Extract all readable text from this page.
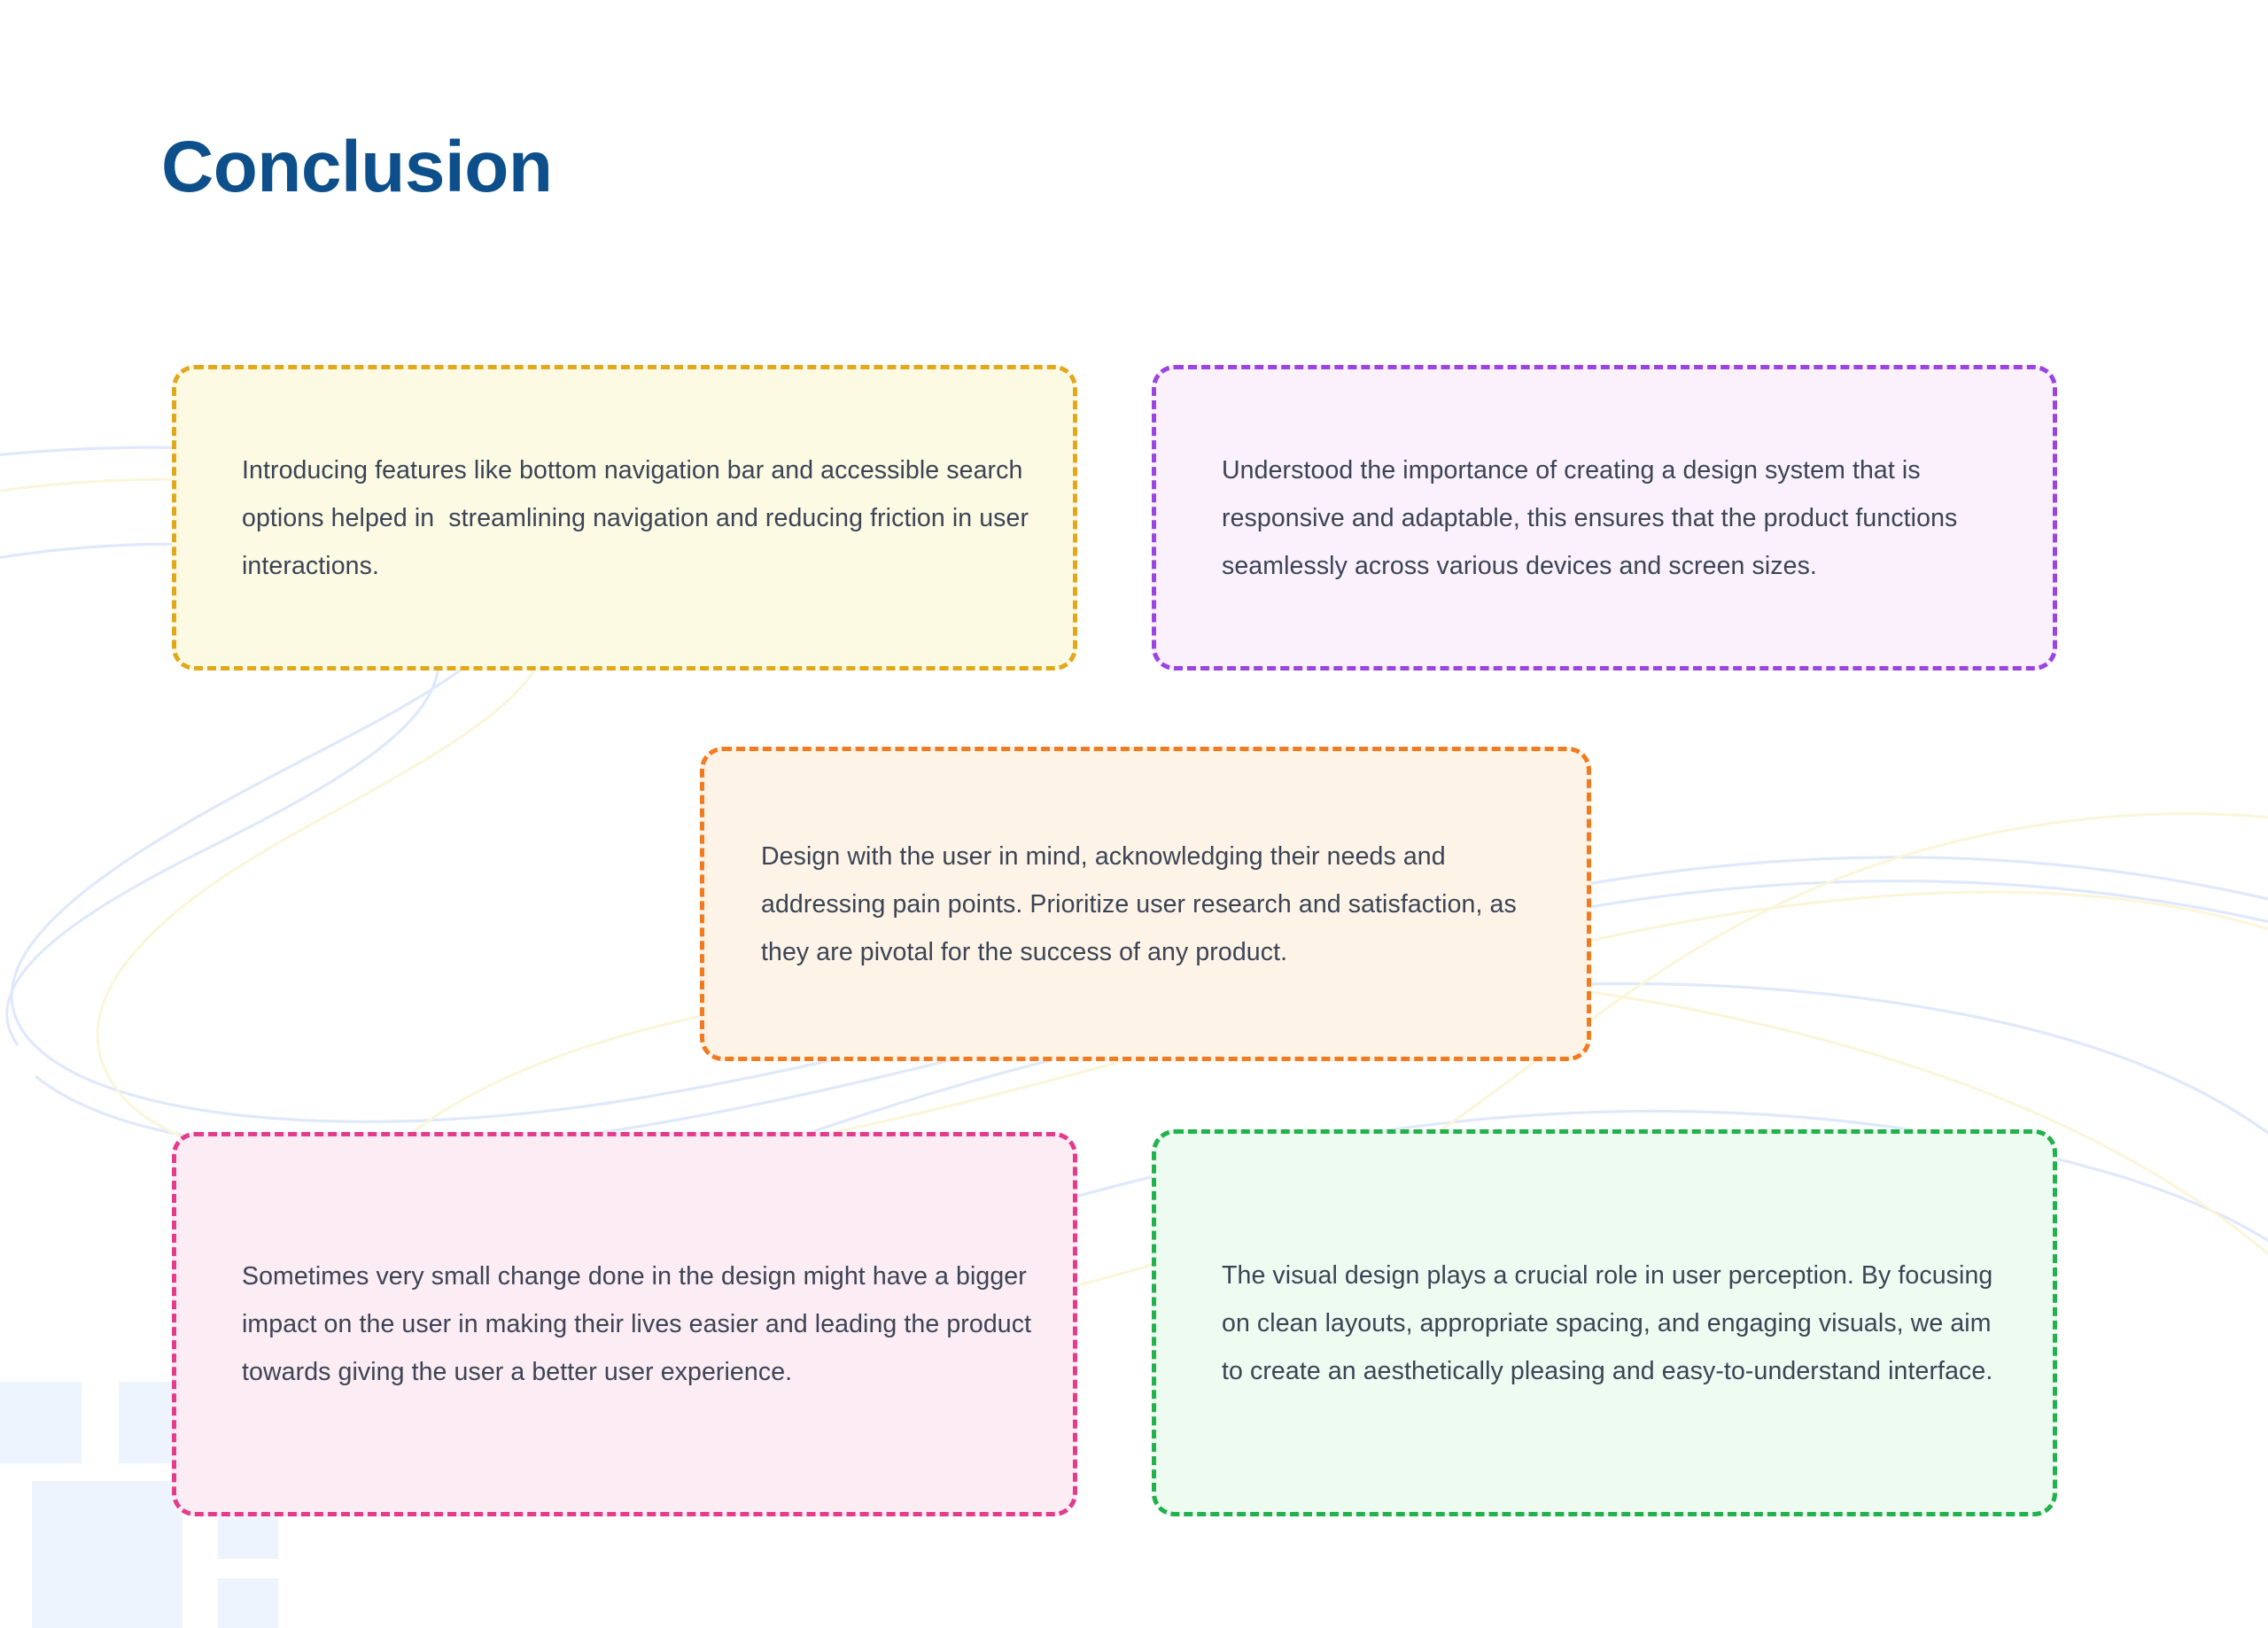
Conclusion
Introducing features like bottom navigation bar and accessible search options helped in  streamlining navigation and reducing friction in user interactions.
Understood the importance of creating a design system that is responsive and adaptable, this ensures that the product functions seamlessly across various devices and screen sizes.
Design with the user in mind, acknowledging their needs and addressing pain points. Prioritize user research and satisfaction, as they are pivotal for the success of any product.
Sometimes very small change done in the design might have a bigger impact on the user in making their lives easier and leading the product towards giving the user a better user experience.
The visual design plays a crucial role in user perception. By focusing on clean layouts, appropriate spacing, and engaging visuals, we aim to create an aesthetically pleasing and easy-to-understand interface.
